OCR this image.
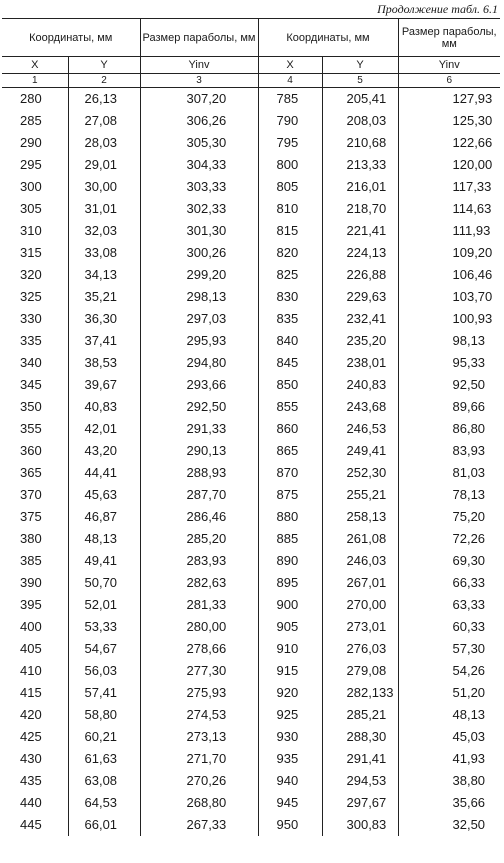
Продолжение табл. 6.1
Координаты, мм		Размер параболы, мм	Координаты, мм		Размер параболы, мм
X	Y	Yinv	X	Y	Yinv
1	2	3	4	5	6
280	26,13	307,20	785	205,41	127,93
285	27,08	306,26	790	208,03	125,30
290	28,03	305,30	795	210,68	122,66
295	29,01	304,33	800	213,33	120,00
300	30,00	303,33	805	216,01	117,33
305	31,01	302,33	810	218,70	114,63
310	32,03	301,30	815	221,41	111,93
315	33,08	300,26	820	224,13	109,20
320	34,13	299,20	825	226,88	106,46
325	35,21	298,13	830	229,63	103,70
330	36,30	297,03	835	232,41	100,93
335	37,41	295,93	840	235,20	98,13
340	38,53	294,80	845	238,01	95,33
345	39,67	293,66	850	240,83	92,50
350	40,83	292,50	855	243,68	89,66
355	42,01	291,33	860	246,53	86,80
360	43,20	290,13	865	249,41	83,93
365	44,41	288,93	870	252,30	81,03
370	45,63	287,70	875	255,21	78,13
375	46,87	286,46	880	258,13	75,20
380	48,13	285,20	885	261,08	72,26
385	49,41	283,93	890	246,03	69,30
390	50,70	282,63	895	267,01	66,33
395	52,01	281,33	900	270,00	63,33
400	53,33	280,00	905	273,01	60,33
405	54,67	278,66	910	276,03	57,30
410	56,03	277,30	915	279,08	54,26
415	57,41	275,93	920	282,133	51,20
420	58,80	274,53	925	285,21	48,13
425	60,21	273,13	930	288,30	45,03
430	61,63	271,70	935	291,41	41,93
435	63,08	270,26	940	294,53	38,80
440	64,53	268,80	945	297,67	35,66
445	66,01	267,33	950	300,83	32,50
